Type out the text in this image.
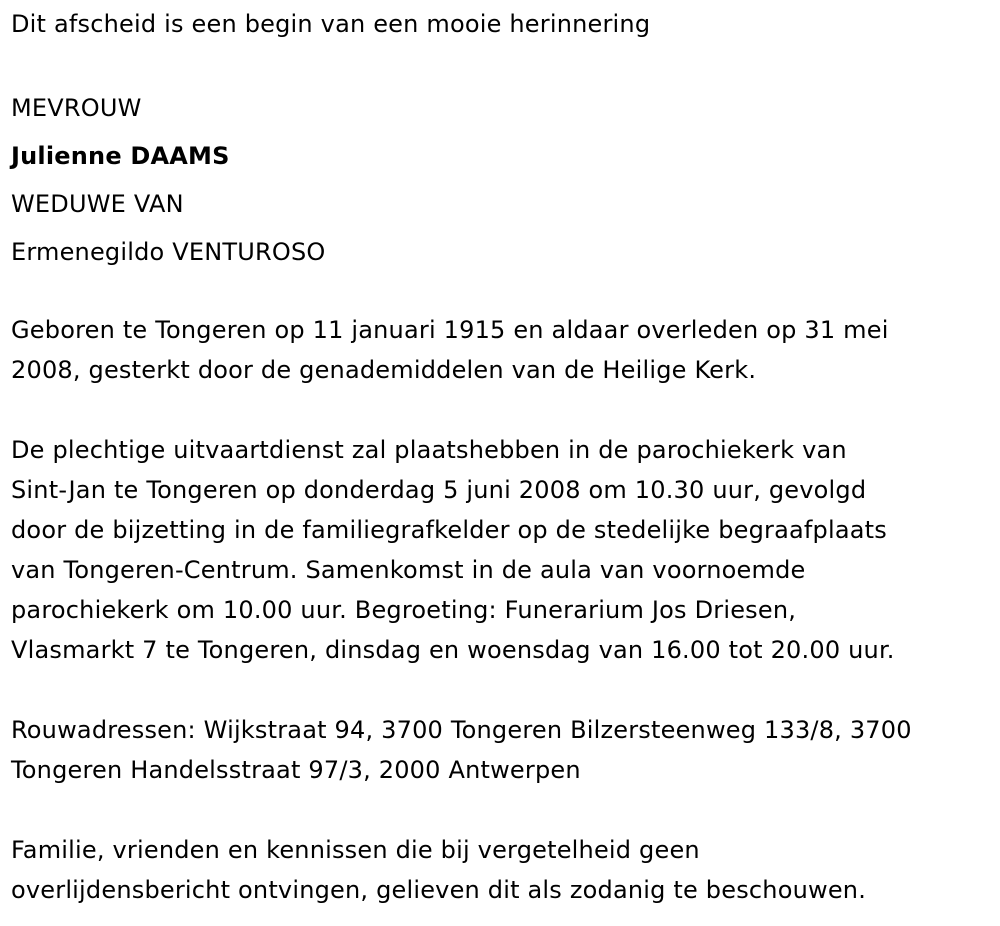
Dit afscheid is een begin van een mooie herinnering
MEVROUW
Julienne DAAMS
WEDUWE VAN
Ermenegildo VENTUROSO
Geboren te Tongeren op 11 januari 1915 en aldaar overleden op 31 mei
2008, gesterkt door de genademiddelen van de Heilige Kerk.
De plechtige uitvaartdienst zal plaatshebben in de parochiekerk van
Sint-Jan te Tongeren op donderdag 5 juni 2008 om 10.30 uur, gevolgd
door de bijzetting in de familiegrafkelder op de stedelijke begraafplaats
van Tongeren-Centrum. Samenkomst in de aula van voornoemde
parochiekerk om 10.00 uur. Begroeting: Funerarium Jos Driesen,
Vlasmarkt 7 te Tongeren, dinsdag en woensdag van 16.00 tot 20.00 uur.
Rouwadressen: Wijkstraat 94, 3700 Tongeren Bilzersteenweg 133/8, 3700
Tongeren Handelsstraat 97/3, 2000 Antwerpen
Familie, vrienden en kennissen die bij vergetelheid geen
overlijdensbericht ontvingen, gelieven dit als zodanig te beschouwen.
